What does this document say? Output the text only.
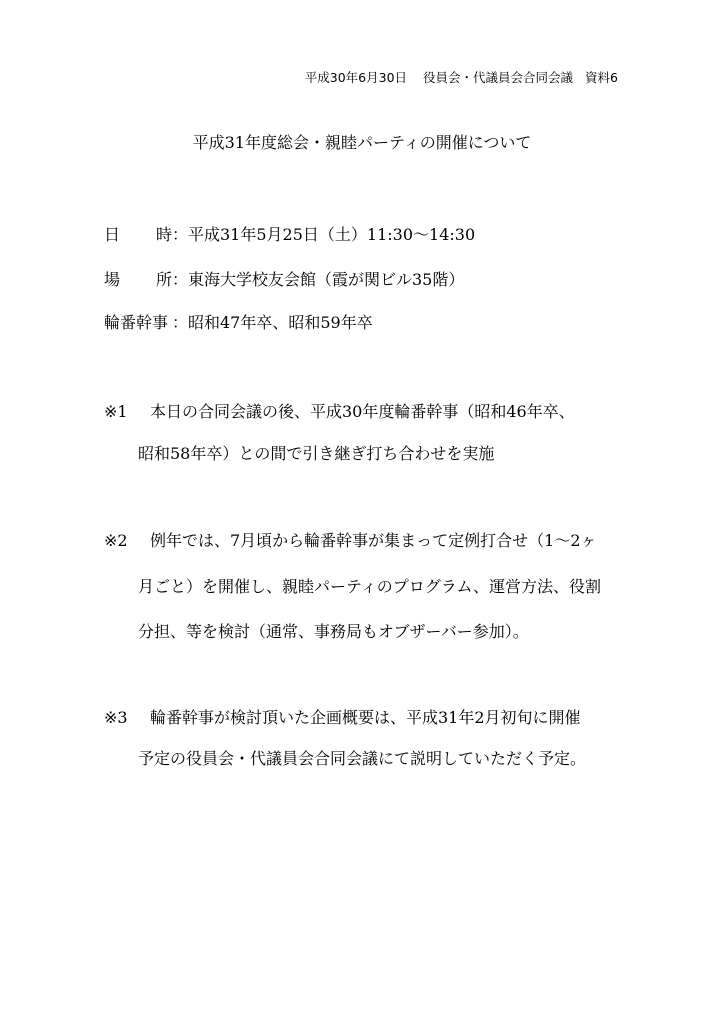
平成30年6月30日 役員会・代議員会合同会議 資料6
平成31年度総会・親睦パーティの開催について
日 時 ：平成31年5月25日（土）11:30〜14:30
場 所 ：東海大学校友会館（霞が関ビル35階）
輪番幹事 ：昭和47年卒、昭和59年卒
※1 本日の合同会議の後、平成30年度輪番幹事（昭和46年卒、
昭和58年卒）との間で引き継ぎ打ち合わせを実施
※2 例年では、7月頃から輪番幹事が集まって定例打合せ（1〜2ヶ
月ごと）を開催し、親睦パーティのプログラム、運営方法、役割
分担、等を検討（通常、事務局もオブザーバー参加）。
※3 輪番幹事が検討頂いた企画概要は、平成31年2月初旬に開催
予定の役員会・代議員会合同会議にて説明していただく予定。
